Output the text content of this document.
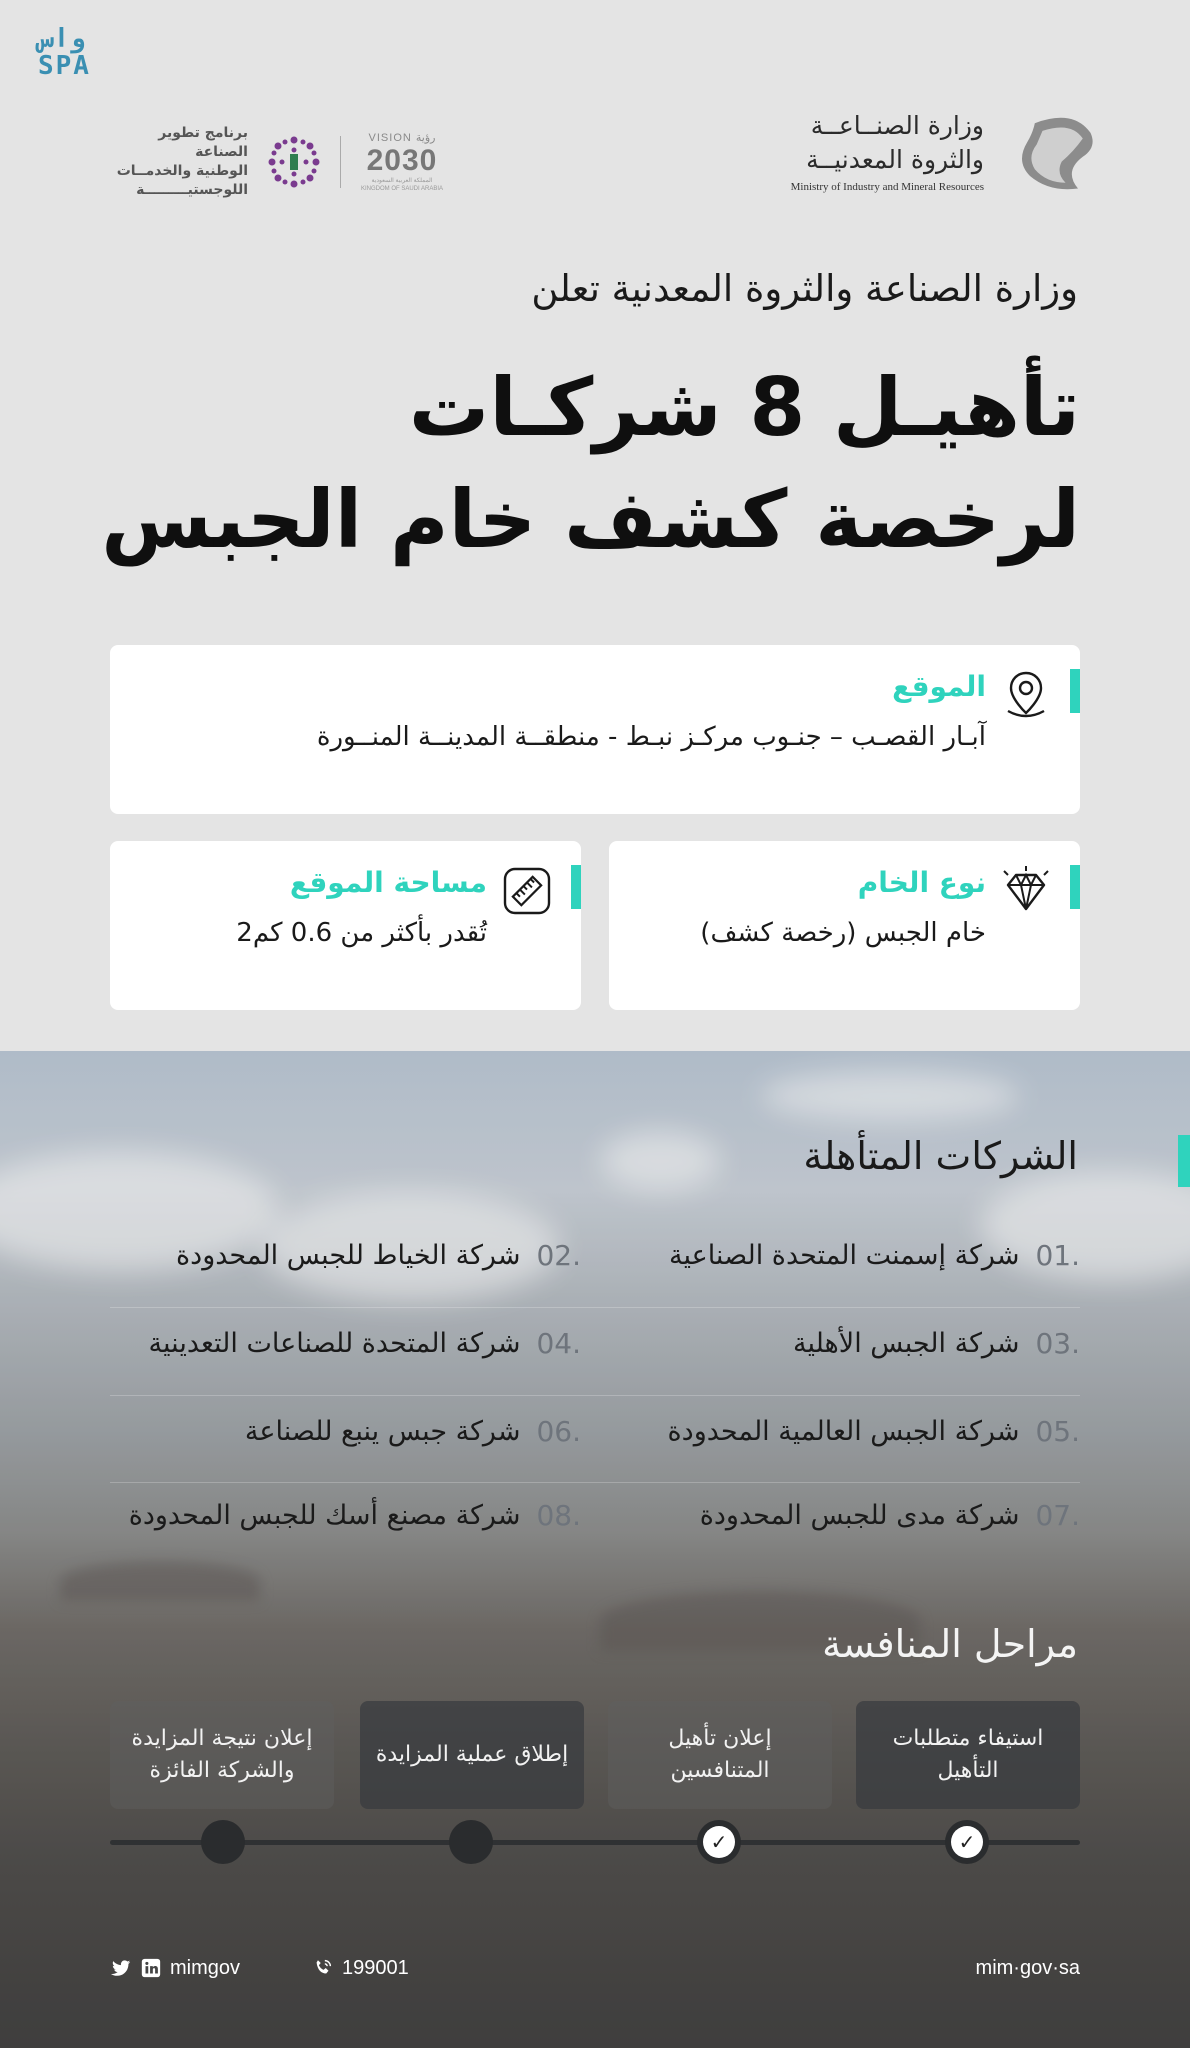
واس
SPA
وزارة الصنــاعــة
والثروة المعدنيــة
Ministry of Industry and Mineral Resources
برنامج تطوير الصناعة
الوطنية والخدمــات
اللوجستيـــــــــة
VISION رؤية
2030
المملكة العربية السعودية KINGDOM OF SAUDI ARABIA
وزارة الصناعة والثروة المعدنية تعلن
تأهيـل 8 شركـات
لرخصة كشف خام الجبس
الموقع
آبـار القصـب – جنـوب مركـز نبـط - منطقــة المدينــة المنــورة
نوع الخام
خام الجبس (رخصة كشف)
مساحة الموقع
تُقدر بأكثر من 0.6 كم2
الشركات المتأهلة
.01
شركة إسمنت المتحدة الصناعية
.02
شركة الخياط للجبس المحدودة
.03
شركة الجبس الأهلية
.04
شركة المتحدة للصناعات التعدينية
.05
شركة الجبس العالمية المحدودة
.06
شركة جبس ينبع للصناعة
.07
شركة مدى للجبس المحدودة
.08
شركة مصنع أسك للجبس المحدودة
مراحل المنافسة
استيفاء متطلبات التأهيل
إعلان تأهيل المتنافسين
إطلاق عملية المزايدة
إعلان نتيجة المزايدة والشركة الفائزة
✓
✓
mimgov	199001	mim·gov·sa
